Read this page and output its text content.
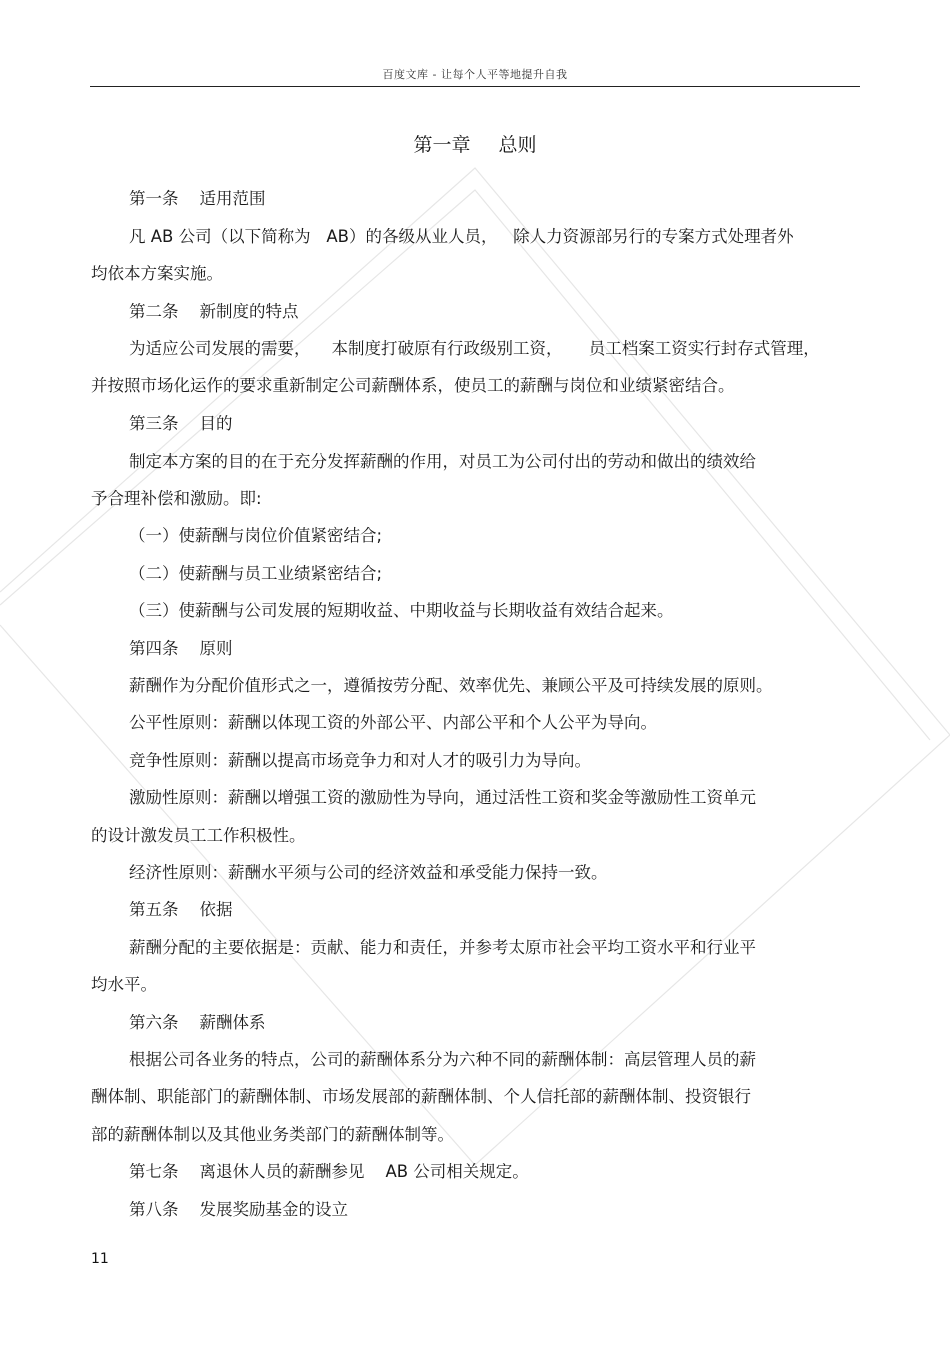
百度文库 - 让每个人平等地提升自我
第一章 总则
第一条    适用范围
凡 AB 公司（以下简称为   AB）的各级从业人员，   除人力资源部另行的专案方式处理者外
均依本方案实施。
第二条    新制度的特点
为适应公司发展的需要，    本制度打破原有行政级别工资，     员工档案工资实行封存式管理，
并按照市场化运作的要求重新制定公司薪酬体系，使员工的薪酬与岗位和业绩紧密结合。
第三条    目的
制定本方案的目的在于充分发挥薪酬的作用，对员工为公司付出的劳动和做出的绩效给
予合理补偿和激励。即:
（一）使薪酬与岗位价值紧密结合;
（二）使薪酬与员工业绩紧密结合;
（三）使薪酬与公司发展的短期收益、中期收益与长期收益有效结合起来。
第四条    原则
薪酬作为分配价值形式之一，遵循按劳分配、效率优先、兼顾公平及可持续发展的原则。
公平性原则：薪酬以体现工资的外部公平、内部公平和个人公平为导向。
竞争性原则：薪酬以提高市场竞争力和对人才的吸引力为导向。
激励性原则：薪酬以增强工资的激励性为导向，通过活性工资和奖金等激励性工资单元
的设计激发员工工作积极性。
经济性原则：薪酬水平须与公司的经济效益和承受能力保持一致。
第五条    依据
薪酬分配的主要依据是：贡献、能力和责任，并参考太原市社会平均工资水平和行业平
均水平。
第六条    薪酬体系
根据公司各业务的特点，公司的薪酬体系分为六种不同的薪酬体制：高层管理人员的薪
酬体制、职能部门的薪酬体制、市场发展部的薪酬体制、个人信托部的薪酬体制、投资银行
部的薪酬体制以及其他业务类部门的薪酬体制等。
第七条    离退休人员的薪酬参见    AB 公司相关规定。
第八条    发展奖励基金的设立
11
